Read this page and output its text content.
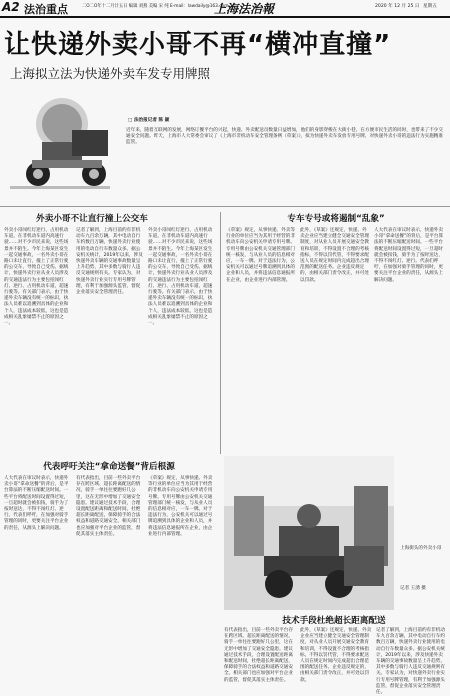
A2 法治重点	二O二O年十二月廿五日 编辑 刘燕 美编 宋 纯 E-mail：lawdaily@163.com
上海法治報	2020 年 12 月 25 日 星期五
让快递外卖小哥不再“横冲直撞”
上海拟立法为快递外卖车发专用牌照
□ 法治报记者 陈 颖
近年来，随着互联网的发展，网络订餐平台的兴起，快递、外卖配送员数量日益增加，他们的身影穿梭在大街小巷，在方便市民生活的同时，也带来了不少交通安全问题。昨天，上海市人大常委会审议了《上海市非机动车安全管理条例（草案）》，拟为快递外卖车发放专用号牌，对快递外卖小哥的违法行为实施精准监管。
外卖小哥不让直行撞上公交车
外卖小哥闯红灯逆行、占用机动车道，在非机动车道内高速行驶……对不少市民来说，这些场景并不陌生。今年上海某区发生一起交通事故，一名外卖小哥在路口未让直行，撞上了正常行驶的公交车，导致自己受伤。据统计，快递外卖行业从业人员涉及的交通违法行为主要包括闯红灯、逆行、占用机动车道、超速行驶等。有关部门表示，由于快递外卖车辆没有统一的标识，执法人员难以追溯到具体的企业和个人，违法成本较低，这也是造成相关乱象屡禁不止的原因之一。
记者了解到，上海目前约有非机动车九百余万辆，其中电动自行车约数百万辆，快递外卖行业使用的电动自行车数量众多。据公安机关统计，2019年以来，涉及快递外卖车辆的交通事故数量呈上升趋势，其中多数与骑行人违反交通规则有关。专家认为，对快递外卖行业实行专用号牌管理，有利于加强源头监管，督促企业落实安全管理责任。
外卖小哥闯红灯逆行、占用机动车道，在非机动车道内高速行驶……对不少市民来说，这些场景并不陌生。今年上海某区发生一起交通事故，一名外卖小哥在路口未让直行，撞上了正常行驶的公交车，导致自己受伤。据统计，快递外卖行业从业人员涉及的交通违法行为主要包括闯红灯、逆行、占用机动车道、超速行驶等。有关部门表示，由于快递外卖车辆没有统一的标识，执法人员难以追溯到具体的企业和个人，违法成本较低，这也是造成相关乱象屡禁不止的原因之一。
专车专号或将遏制“乱象”
《草案》规定，从事快递、外卖等行业的单位应当为其用于经营的非机动车向公安机关申请专用号牌。专用号牌由公安机关交通管理部门统一核发，与从业人员的信息相对应，一车一牌。对于违法行为，公安机关可以通过号牌追溯到具体的企业和人员，并将违法信息通报所在企业，由企业进行内部管理。
此外，《草案》还规定，快递、外卖企业应当建立健全交通安全管理制度，对从业人员开展交通安全教育和培训，不得设置不合理的考核指标，不得以罚代管，不得要求配送人员在规定时间内完成超出合理范围的配送任务。企业违反规定的，由相关部门责令改正，并可处以罚款。
人大代表在审议时表示，快递外卖小哥“拿命送餐”的背后，是平台算法的不断压缩配送时间。一些平台将配送时间设置得过短，一旦超时就会被扣钱，骑手为了按时送达，不得不闯红灯、逆行。代表们呼吁，在加强对骑手管理的同时，更要关注平台企业的责任，从源头上解决问题。
代表呼吁关注“拿命送餐”背后根源
人大代表在审议时表示，快递外卖小哥“拿命送餐”的背后，是平台算法的不断压缩配送时间。一些平台将配送时间设置得过短，一旦超时就会被扣钱，骑手为了按时送达，不得不闯红灯、逆行。代表们呼吁，在加强对骑手管理的同时，更要关注平台企业的责任，从源头上解决问题。
有代表指出，目前一些外卖平台存在跨区域、超长距离配送的情况，骑手一单往往要跑好几公里，这在无形中增加了交通安全隐患。建议通过技术手段，合理设置配送距离和配送时间，杜绝超长距离配送，保障骑手的合法权益和道路交通安全。相关部门也应加强对平台企业的监管，督促其落实主体责任。
《草案》规定，从事快递、外卖等行业的单位应当为其用于经营的非机动车向公安机关申请专用号牌。专用号牌由公安机关交通管理部门统一核发，与从业人员的信息相对应，一车一牌。对于违法行为，公安机关可以通过号牌追溯到具体的企业和人员，并将违法信息通报所在企业，由企业进行内部管理。
上海街头的外卖小哥
记者 王湧 摄
技术手段杜绝超长距离配送
有代表指出，目前一些外卖平台存在跨区域、超长距离配送的情况，骑手一单往往要跑好几公里，这在无形中增加了交通安全隐患。建议通过技术手段，合理设置配送距离和配送时间，杜绝超长距离配送，保障骑手的合法权益和道路交通安全。相关部门也应加强对平台企业的监管，督促其落实主体责任。
此外，《草案》还规定，快递、外卖企业应当建立健全交通安全管理制度，对从业人员开展交通安全教育和培训，不得设置不合理的考核指标，不得以罚代管，不得要求配送人员在规定时间内完成超出合理范围的配送任务。企业违反规定的，由相关部门责令改正，并可处以罚款。
记者了解到，上海目前约有非机动车九百余万辆，其中电动自行车约数百万辆，快递外卖行业使用的电动自行车数量众多。据公安机关统计，2019年以来，涉及快递外卖车辆的交通事故数量呈上升趋势，其中多数与骑行人违反交通规则有关。专家认为，对快递外卖行业实行专用号牌管理，有利于加强源头监管，督促企业落实安全管理责任。
